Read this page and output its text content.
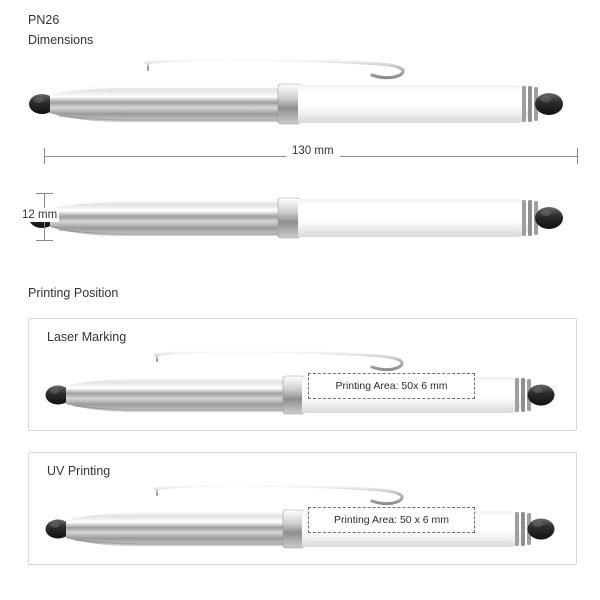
PN26
Dimensions
130 mm
12 mm
Printing Position
Laser Marking
Printing Area: 50x 6 mm
UV Printing
Printing Area: 50 x 6 mm
